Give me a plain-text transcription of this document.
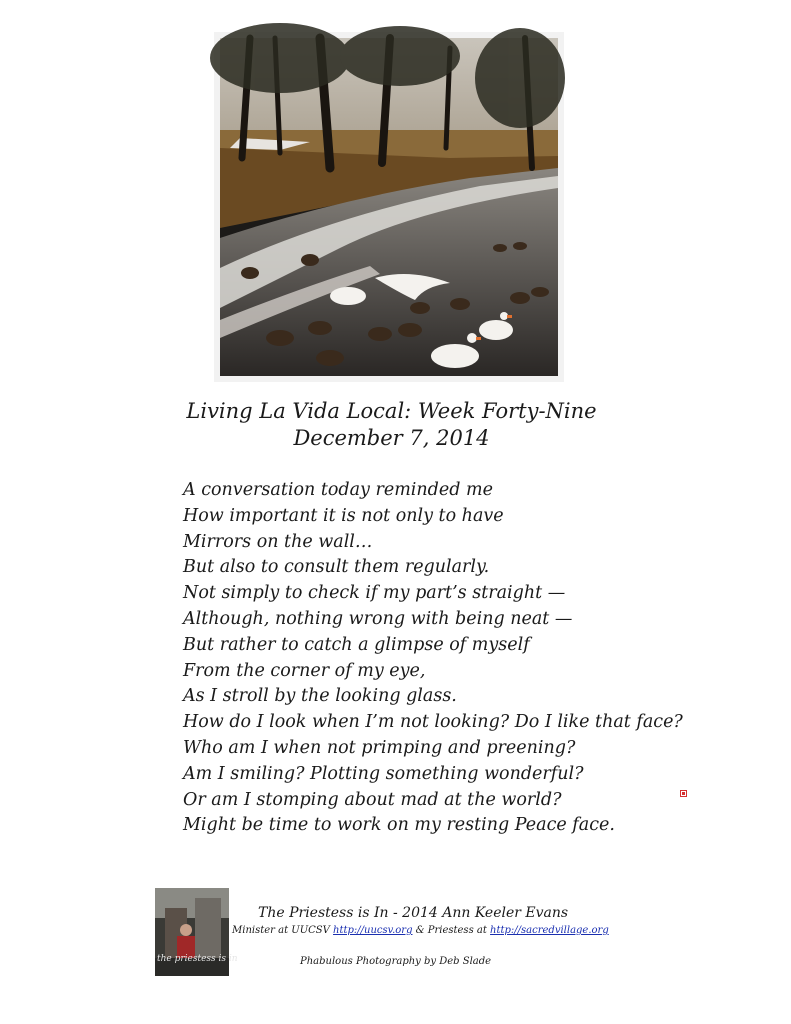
Living La Vida Local: Week Forty-Nine
December 7, 2014
A conversation today reminded me
How important it is not only to have
Mirrors on the wall…
But also to consult them regularly.
Not simply to check if my part’s straight —
Although, nothing wrong with being neat —
But rather to catch a glimpse of myself
From the corner of my eye,
As I stroll by the looking glass.
How do I look when I’m not looking? Do I like that face?
Who am I when not primping and preening?
Am I smiling? Plotting something wonderful?
Or am I stomping about mad at the world?
Might be time to work on my resting Peace face.
the priestess is in
The Priestess is In - 2014 Ann Keeler Evans
Minister at UUCSV http://uucsv.org & Priestess at http://sacredvillage.org
Phabulous Photography by Deb Slade
